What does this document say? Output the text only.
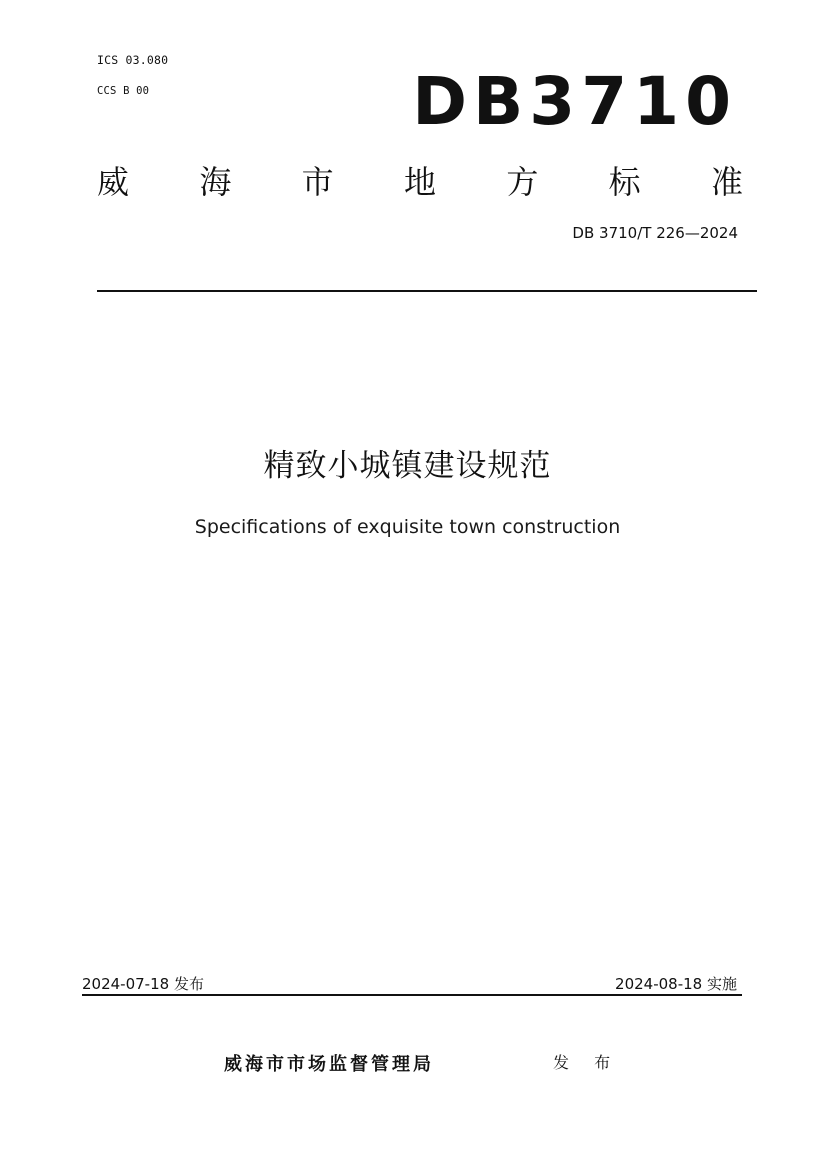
ICS 03.080
CCS B 00	DB3710
威 海 市 地 方 标 准
DB 3710/T 226—2024
精致小城镇建设规范
Specifications of exquisite town construction
2024-07-18 发布	2024-08-18 实施
威海市市场监督管理局	发 布
